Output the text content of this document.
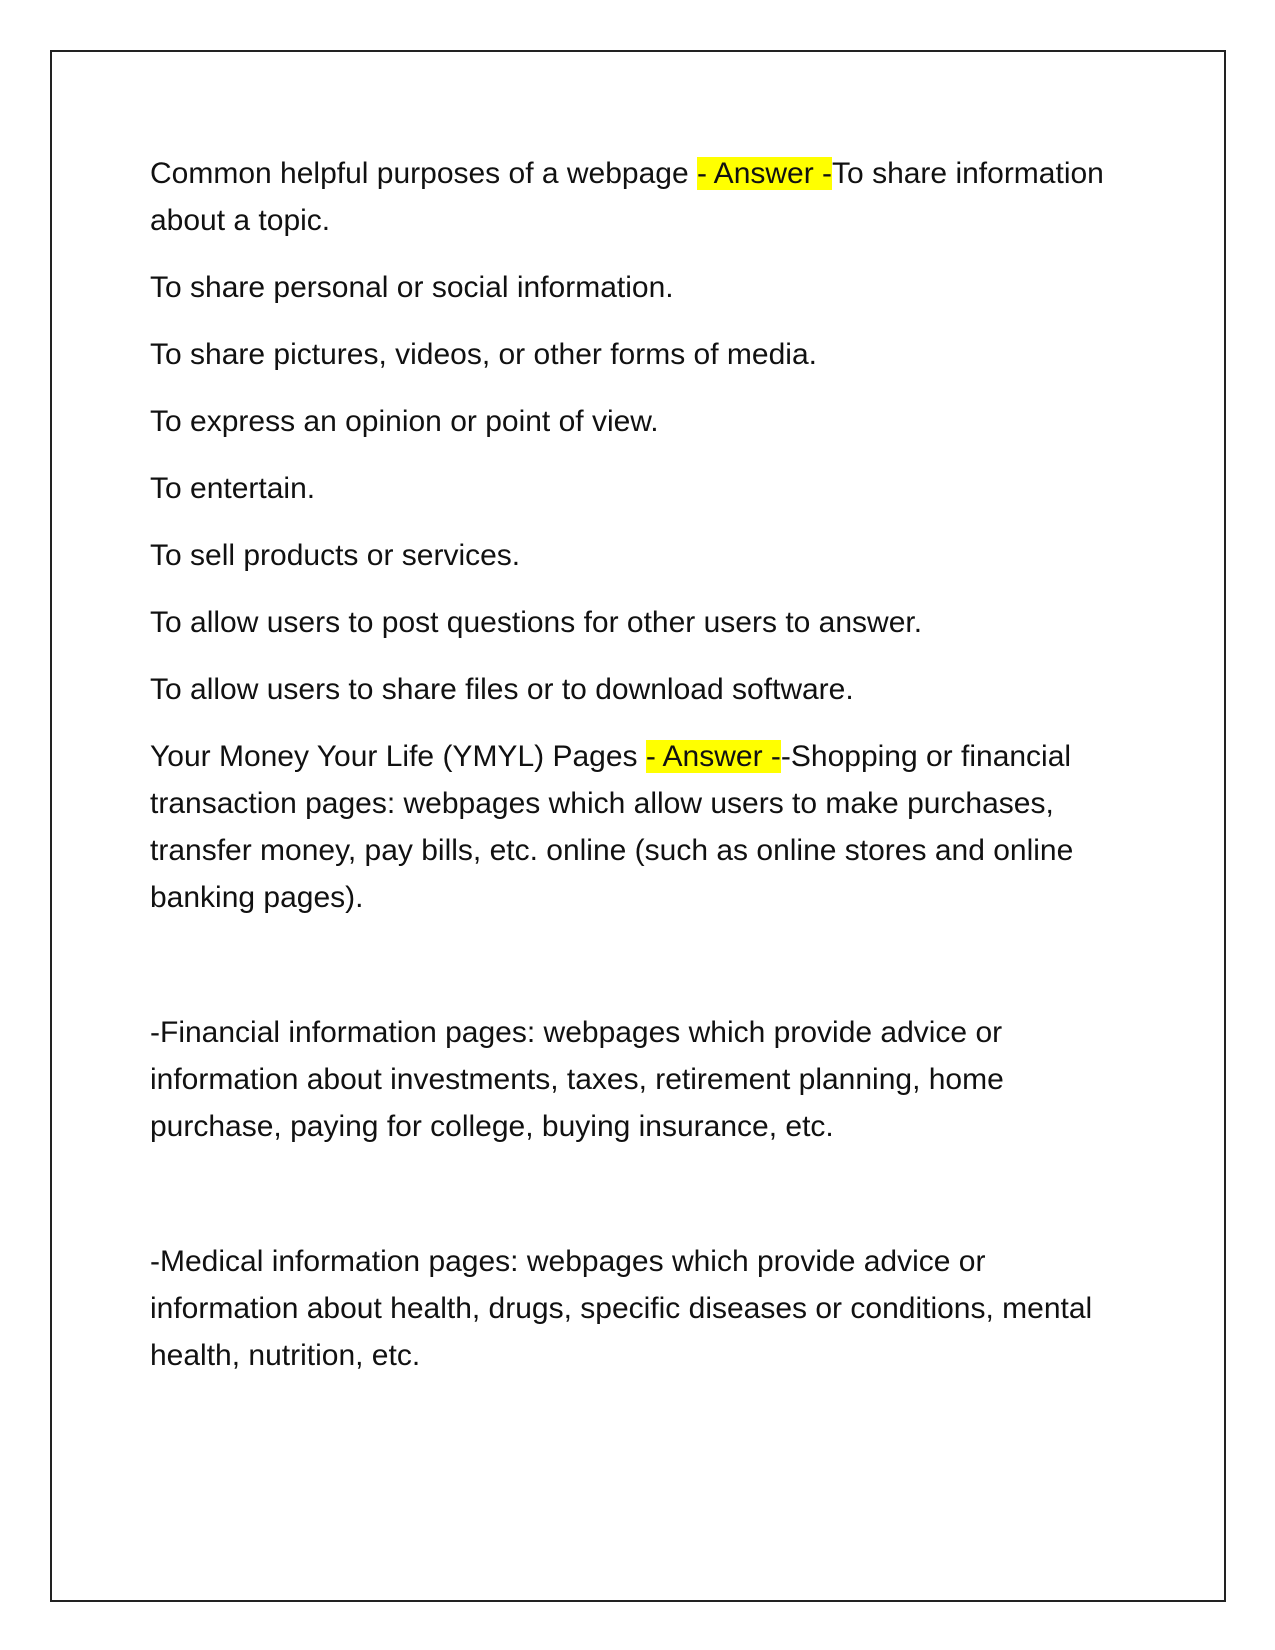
Common helpful purposes of a webpage - Answer -To share information about a topic.

To share personal or social information.

To share pictures, videos, or other forms of media.

To express an opinion or point of view.

To entertain.

To sell products or services.

To allow users to post questions for other users to answer.

To allow users to share files or to download software.

Your Money Your Life (YMYL) Pages - Answer --Shopping or financial transaction pages: webpages which allow users to make purchases, transfer money, pay bills, etc. online (such as online stores and online banking pages).

-Financial information pages: webpages which provide advice or information about investments, taxes, retirement planning, home purchase, paying for college, buying insurance, etc.

-Medical information pages: webpages which provide advice or information about health, drugs, specific diseases or conditions, mental health, nutrition, etc.
